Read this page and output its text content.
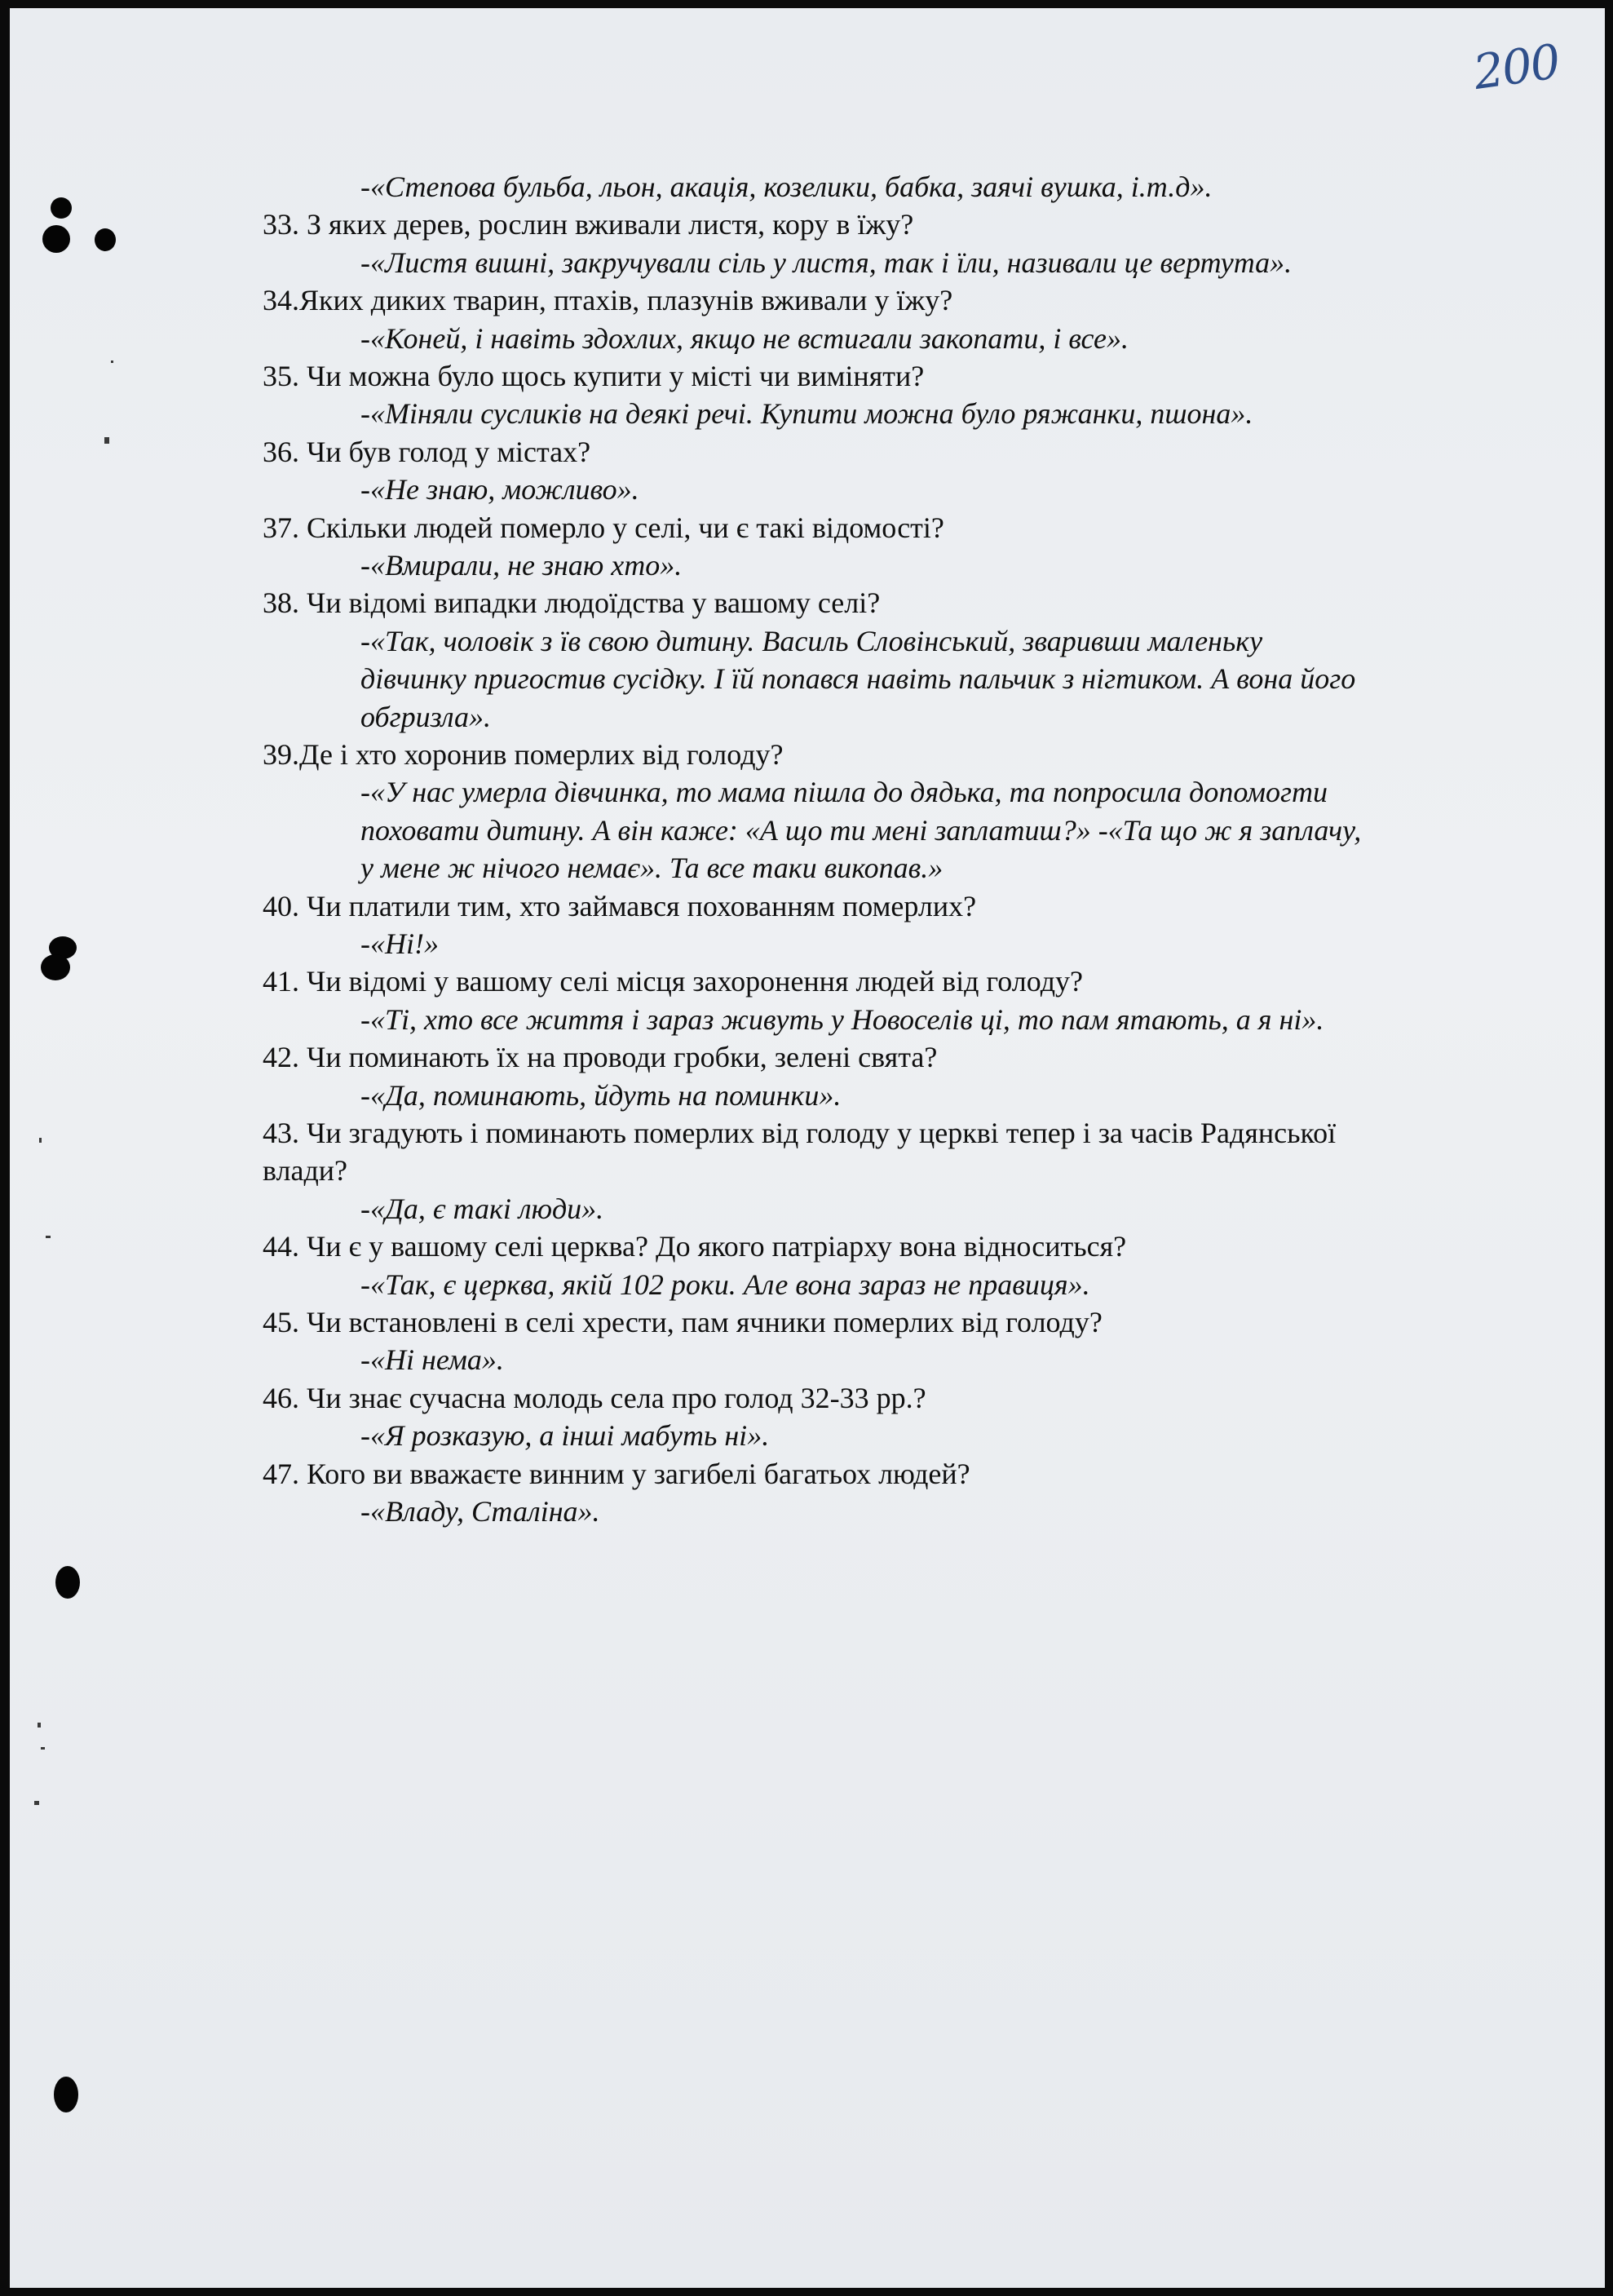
200
-«Степова бульба, льон, акація, козелики, бабка, заячі вушка, і.т.д».
33. З яких дерев, рослин вживали листя, кору в їжу?
-«Листя вишні, закручували сіль у листя, так і їли, називали це вертута».
34.Яких диких тварин, птахів, плазунів вживали у їжу?
-«Коней, і навіть здохлих, якщо не встигали закопати, і все».
35. Чи можна було щось купити у місті чи виміняти?
-«Міняли сусликів на деякі речі. Купити можна було ряжанки, пшона».
36. Чи був голод у містах?
-«Не знаю, можливо».
37. Скільки людей померло у селі, чи є такі відомості?
-«Вмирали, не знаю хто».
38. Чи відомі випадки людоїдства у вашому селі?
-«Так, чоловік з їв свою дитину. Василь Словінський, зваривши маленьку
дівчинку пригостив сусідку. І їй попався навіть пальчик з нігтиком. А вона його
обгризла».
39.Де і хто хоронив померлих від голоду?
-«У нас умерла дівчинка, то мама пішла до дядька, та попросила допомогти
поховати дитину. А він каже: «А що ти мені заплатиш?» -«Та що ж я заплачу,
у мене ж нічого немає». Та все таки викопав.»
40. Чи платили тим, хто займався похованням померлих?
-«Ні!»
41. Чи відомі у вашому селі місця захоронення людей від голоду?
-«Ті, хто все життя і зараз живуть у Новоселів ці, то пам ятають, а я ні».
42. Чи поминають їх на проводи гробки, зелені свята?
-«Да, поминають, йдуть на поминки».
43. Чи згадують і поминають померлих від голоду у церкві тепер і за часів Радянської
влади?
-«Да, є такі люди».
44. Чи є у вашому селі церква? До якого патріарху вона відноситься?
-«Так, є церква, якій 102 роки. Але вона зараз не правиця».
45. Чи встановлені в селі хрести, пам ячники померлих від голоду?
-«Ні нема».
46. Чи знає сучасна молодь села про голод 32-33 рр.?
-«Я розказую, а інші мабуть ні».
47. Кого ви вважаєте винним у загибелі багатьох людей?
-«Владу, Сталіна».
